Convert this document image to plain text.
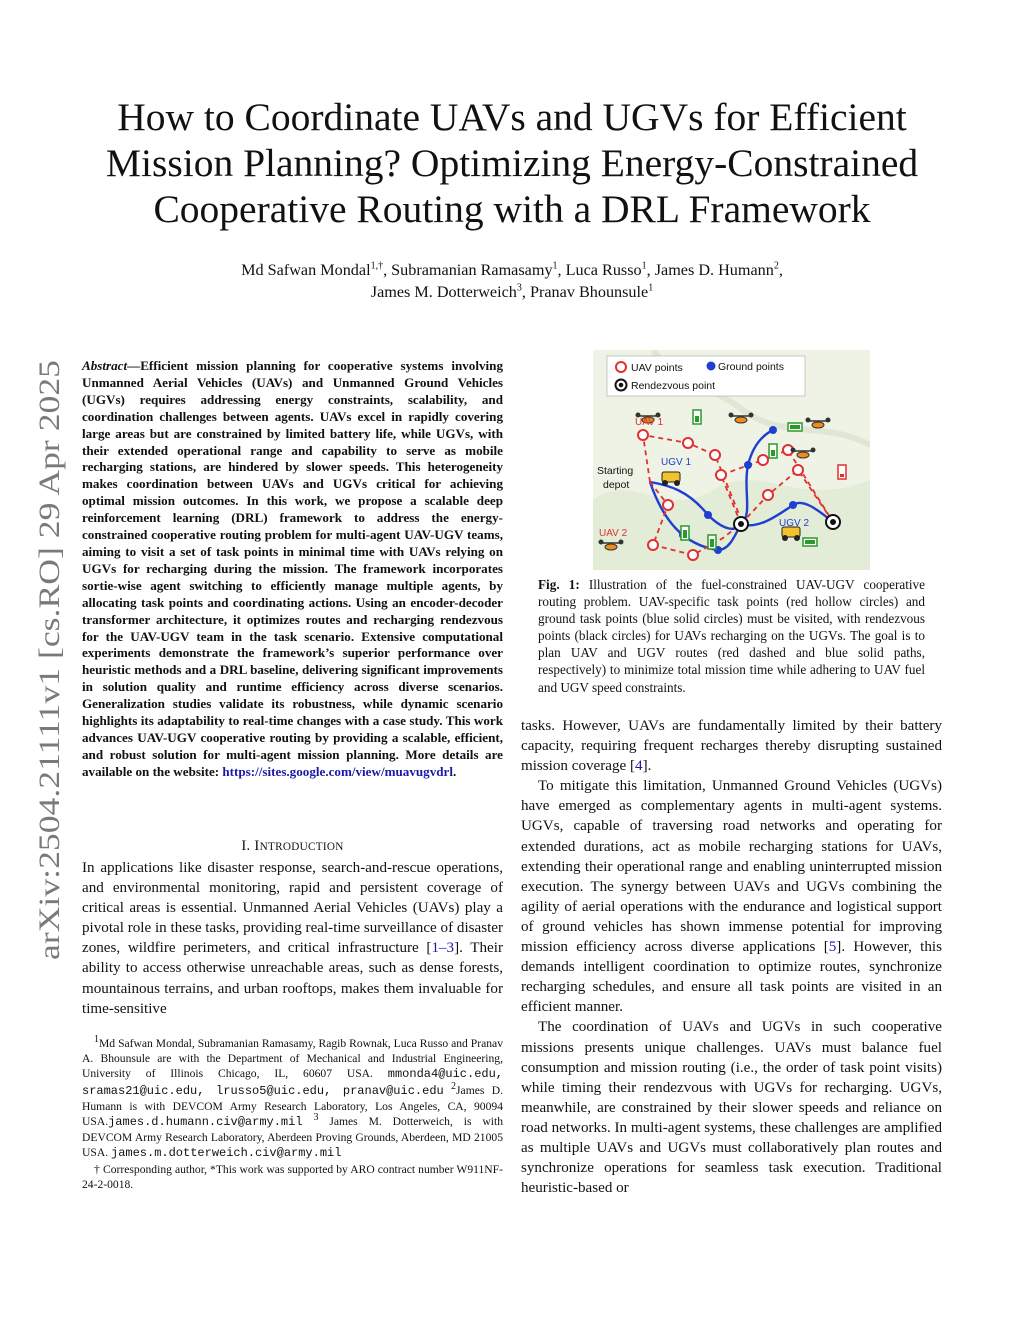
arXiv:2504.21111v1 [cs.RO] 29 Apr 2025
How to Coordinate UAVs and UGVs for Efficient
Mission Planning? Optimizing Energy-Constrained
Cooperative Routing with a DRL Framework
Md Safwan Mondal$^{1,\dagger}$, Subramanian Ramasamy$^1$, Luca Russo$^1$, James D. Humann$^2$,
James M. Dotterweich$^3$, Pranav Bhounsule$^1$
Abstract—Efficient mission planning for cooperative systems involving Unmanned Aerial Vehicles (UAVs) and Unmanned Ground Vehicles (UGVs) requires addressing energy constraints, scalability, and coordination challenges between agents. UAVs excel in rapidly covering large areas but are constrained by limited battery life, while UGVs, with their extended operational range and capability to serve as mobile recharging stations, are hindered by slower speeds. This heterogeneity makes coordination between UAVs and UGVs critical for achieving optimal mission outcomes. In this work, we propose a scalable deep reinforcement learning (DRL) framework to address the energy-constrained cooperative routing problem for multi-agent UAV-UGV teams, aiming to visit a set of task points in minimal time with UAVs relying on UGVs for recharging during the mission. The framework incorporates sortie-wise agent switching to efficiently manage multiple agents, by allocating task points and coordinating actions. Using an encoder-decoder transformer architecture, it optimizes routes and recharging rendezvous for the UAV-UGV team in the task scenario. Extensive computational experiments demonstrate the framework’s superior performance over heuristic methods and a DRL baseline, delivering significant improvements in solution quality and runtime efficiency across diverse scenarios. Generalization studies validate its robustness, while dynamic scenario highlights its adaptability to real-time changes with a case study. This work advances UAV-UGV cooperative routing by providing a scalable, efficient, and robust solution for multi-agent mission planning. More details are available on the website: https://sites.google.com/view/muavugvdrl.
I. INTRODUCTION
In applications like disaster response, search-and-rescue operations, and environmental monitoring, rapid and persistent coverage of critical areas is essential. Unmanned Aerial Vehicles (UAVs) play a pivotal role in these tasks, providing real-time surveillance of disaster zones, wildfire perimeters, and critical infrastructure [1–3]. Their ability to access otherwise unreachable areas, such as dense forests, mountainous terrains, and urban rooftops, makes them invaluable for time-sensitive
$^1$Md Safwan Mondal, Subramanian Ramasamy, Ragib Rownak, Luca Russo and Pranav A. Bhounsule are with the Department of Mechanical and Industrial Engineering, University of Illinois Chicago, IL, 60607 USA. mmonda4@uic.edu, sramas21@uic.edu, lrusso5@uic.edu, pranav@uic.edu $^2$James D. Humann is with DEVCOM Army Research Laboratory, Los Angeles, CA, 90094 USA.james.d.humann.civ@army.mil $^3$ James M. Dotterweich, is with DEVCOM Army Research Laboratory, Aberdeen Proving Grounds, Aberdeen, MD 21005 USA. james.m.dotterweich.civ@army.mil
† Corresponding author, *This work was supported by ARO contract number W911NF-24-2-0018.
UAV points	Ground points
Rendezvous point
UAV 1
UAV 2
UGV 1
UGV 2
Starting
depot
Fig. 1: Illustration of the fuel-constrained UAV-UGV cooperative routing problem. UAV-specific task points (red hollow circles) and ground task points (blue solid circles) must be visited, with rendezvous points (black circles) for UAVs recharging on the UGVs. The goal is to plan UAV and UGV routes (red dashed and blue solid paths, respectively) to minimize total mission time while adhering to UAV fuel and UGV speed constraints.

tasks. However, UAVs are fundamentally limited by their battery capacity, requiring frequent recharges thereby disrupting sustained mission coverage [4].

To mitigate this limitation, Unmanned Ground Vehicles (UGVs) have emerged as complementary agents in multi-agent systems. UGVs, capable of traversing road networks and operating for extended durations, act as mobile recharging stations for UAVs, extending their operational range and enabling uninterrupted mission execution. The synergy between UAVs and UGVs combining the agility of aerial operations with the endurance and logistical support of ground vehicles has shown immense potential for improving mission efficiency across diverse applications [5]. However, this demands intelligent coordination to optimize routes, synchronize recharging schedules, and ensure all task points are visited in an efficient manner.

The coordination of UAVs and UGVs in such cooperative missions presents unique challenges. UAVs must balance fuel consumption and mission routing (i.e., the order of task point visits) while timing their rendezvous with UGVs for recharging. UGVs, meanwhile, are constrained by their slower speeds and reliance on road networks. In multi-agent systems, these challenges are amplified as multiple UAVs and UGVs must collaboratively plan routes and synchronize operations for seamless task execution. Traditional heuristic-based or
